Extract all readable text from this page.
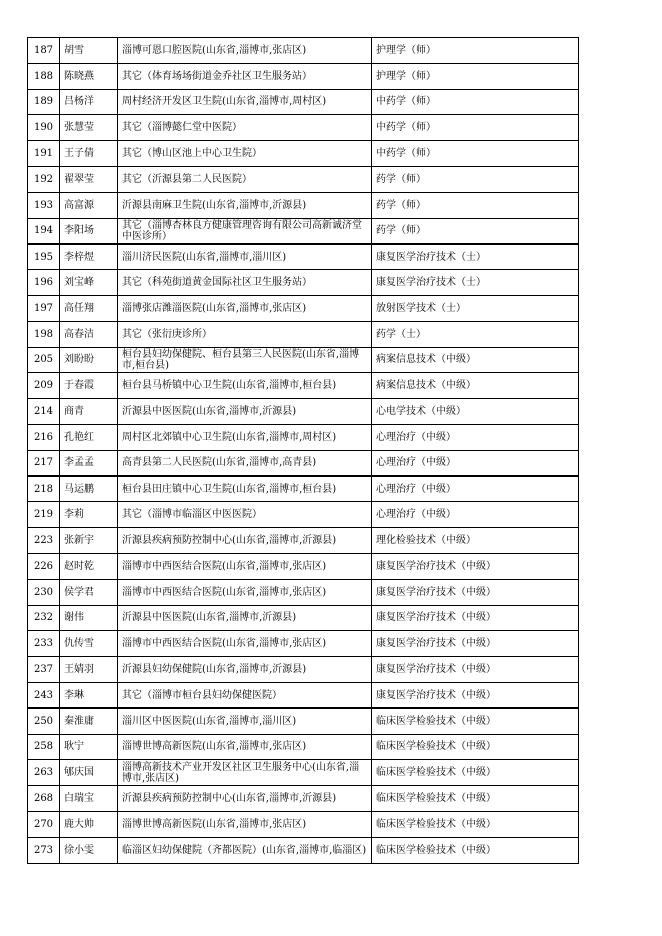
187	胡雪	淄博可恩口腔医院(山东省,淄博市,张店区)	护理学（师）
188	陈晓燕	其它（体育场场街道金乔社区卫生服务站）	护理学（师）
189	吕杨洋	周村经济开发区卫生院(山东省,淄博市,周村区)	中药学（师）
190	张慧莹	其它（淄博懿仁堂中医院）	中药学（师）
191	王子倩	其它（博山区池上中心卫生院）	中药学（师）
192	翟翠莹	其它（沂源县第二人民医院）	药学（师）
193	高富源	沂源县南麻卫生院(山东省,淄博市,沂源县)	药学（师）
194	李阳场	其它（淄博杏林良方健康管理咨询有限公司高新诚济堂中医诊所）	药学（师）
195	李梓煜	淄川济民医院(山东省,淄博市,淄川区)	康复医学治疗技术（士）
196	刘宝峰	其它（科苑街道黄金国际社区卫生服务站）	康复医学治疗技术（士）
197	高任翔	淄博张店潍淄医院(山东省,淄博市,张店区)	放射医学技术（士）
198	高春洁	其它（张衍庚诊所）	药学（士）
205	刘盼盼	桓台县妇幼保健院、桓台县第三人民医院(山东省,淄博市,桓台县)	病案信息技术（中级）
209	于春霞	桓台县马桥镇中心卫生院(山东省,淄博市,桓台县)	病案信息技术（中级）
214	商青	沂源县中医医院(山东省,淄博市,沂源县)	心电学技术（中级）
216	孔艳红	周村区北郊镇中心卫生院(山东省,淄博市,周村区)	心理治疗（中级）
217	李孟孟	高青县第二人民医院(山东省,淄博市,高青县)	心理治疗（中级）
218	马运鹏	桓台县田庄镇中心卫生院(山东省,淄博市,桓台县)	心理治疗（中级）
219	李莉	其它（淄博市临淄区中医医院）	心理治疗（中级）
223	张新宇	沂源县疾病预防控制中心(山东省,淄博市,沂源县)	理化检验技术（中级）
226	赵时乾	淄博市中西医结合医院(山东省,淄博市,张店区)	康复医学治疗技术（中级）
230	侯学君	淄博市中西医结合医院(山东省,淄博市,张店区)	康复医学治疗技术（中级）
232	谢伟	沂源县中医医院(山东省,淄博市,沂源县)	康复医学治疗技术（中级）
233	仇传雪	淄博市中西医结合医院(山东省,淄博市,张店区)	康复医学治疗技术（中级）
237	王婧羽	沂源县妇幼保健院(山东省,淄博市,沂源县)	康复医学治疗技术（中级）
243	李琳	其它（淄博市桓台县妇幼保健医院）	康复医学治疗技术（中级）
250	秦淮庸	淄川区中医医院(山东省,淄博市,淄川区)	临床医学检验技术（中级）
258	耿宁	淄博世博高新医院(山东省,淄博市,张店区)	临床医学检验技术（中级）
263	郇庆国	淄博高新技术产业开发区社区卫生服务中心(山东省,淄博市,张店区)	临床医学检验技术（中级）
268	白瑞宝	沂源县疾病预防控制中心(山东省,淄博市,沂源县)	临床医学检验技术（中级）
270	鹿大帅	淄博世博高新医院(山东省,淄博市,张店区)	临床医学检验技术（中级）
273	徐小雯	临淄区妇幼保健院（齐都医院）(山东省,淄博市,临淄区)	临床医学检验技术（中级）
